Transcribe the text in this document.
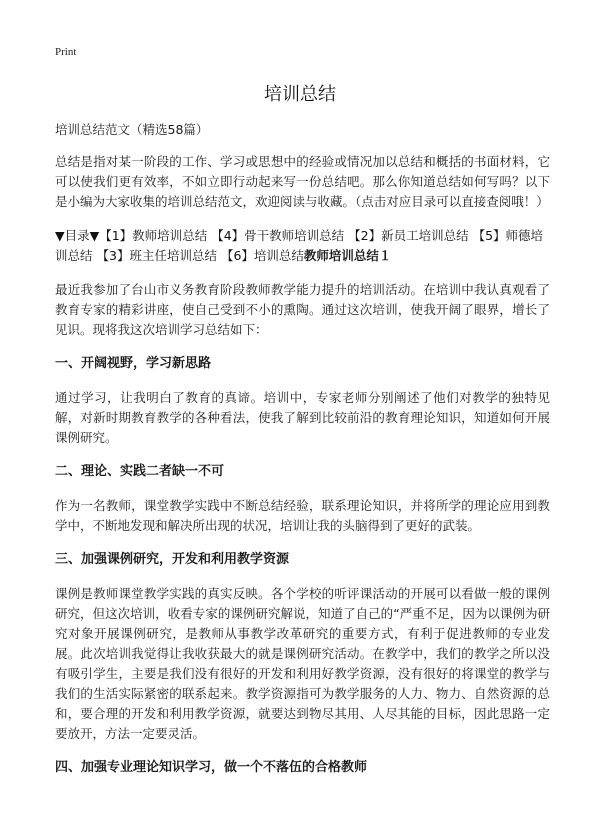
Print
培训总结

培训总结范文（精选58篇）

总结是指对某一阶段的工作、学习或思想中的经验或情况加以总结和概括的书面材料，它可以使我们更有效率，不如立即行动起来写一份总结吧。那么你知道总结如何写吗？以下是小编为大家收集的培训总结范文，欢迎阅读与收藏。（点击对应目录可以直接查阅哦！）

▼目录▼【1】教师培训总结 【4】骨干教师培训总结 【2】新员工培训总结 【5】师德培训总结 【3】班主任培训总结 【6】培训总结教师培训总结１

最近我参加了台山市义务教育阶段教师教学能力提升的培训活动。在培训中我认真观看了教育专家的精彩讲座，使自己受到不小的熏陶。通过这次培训，使我开阔了眼界，增长了见识。现将我这次培训学习总结如下：

一、开阔视野，学习新思路

通过学习，让我明白了教育的真谛。培训中，专家老师分别阐述了他们对教学的独特见解，对新时期教育教学的各种看法，使我了解到比较前沿的教育理论知识，知道如何开展课例研究。

二、理论、实践二者缺一不可

作为一名教师，课堂教学实践中不断总结经验，联系理论知识，并将所学的理论应用到教学中，不断地发现和解决所出现的状况，培训让我的头脑得到了更好的武装。

三、加强课例研究，开发和利用教学资源

课例是教师课堂教学实践的真实反映。各个学校的听评课活动的开展可以看做一般的课例研究，但这次培训，收看专家的课例研究解说，知道了自己的“严重不足，因为以课例为研究对象开展课例研究，是教师从事教学改革研究的重要方式，有利于促进教师的专业发展。此次培训我觉得让我收获最大的就是课例研究活动。在教学中，我们的教学之所以没有吸引学生，主要是我们没有很好的开发和利用好教学资源，没有很好的将课堂的教学与我们的生活实际紧密的联系起来。教学资源指可为教学服务的人力、物力、自然资源的总和，要合理的开发和利用教学资源，就要达到物尽其用、人尽其能的目标，因此思路一定要放开，方法一定要灵活。

四、加强专业理论知识学习，做一个不落伍的合格教师
